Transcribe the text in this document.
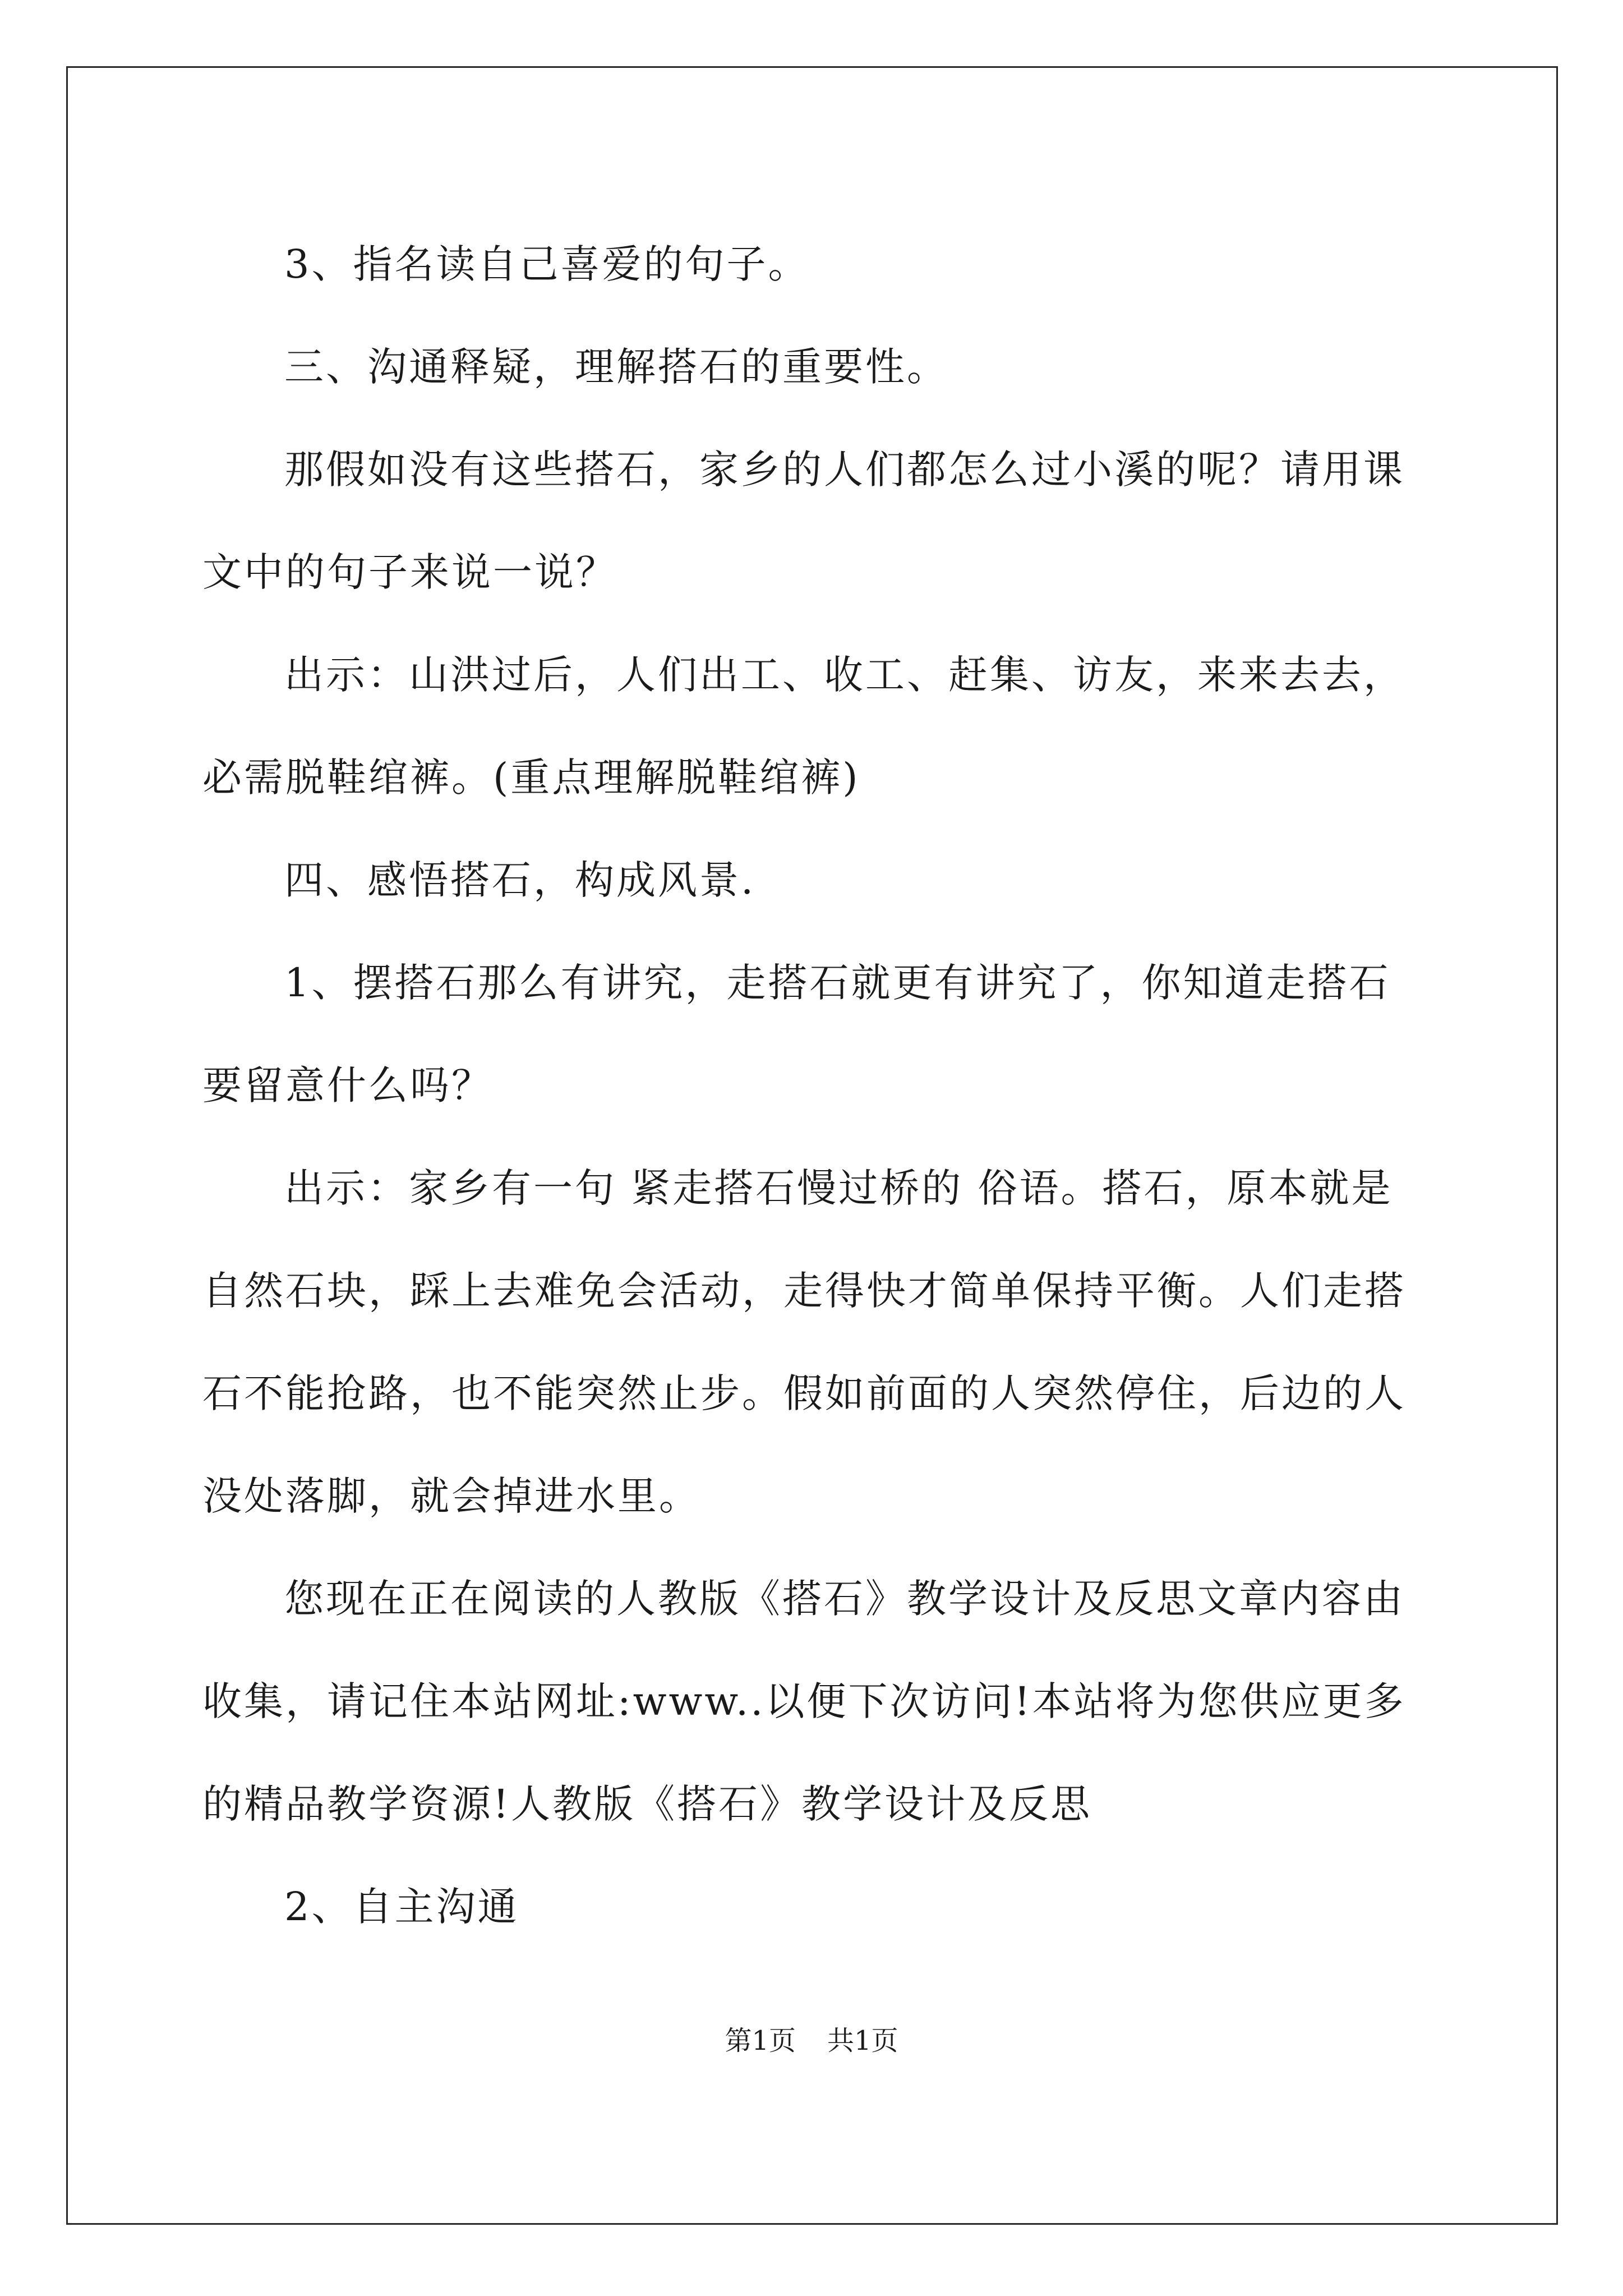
3、指名读自己喜爱的句子。

三、沟通释疑，理解搭石的重要性。

那假如没有这些搭石，家乡的人们都怎么过小溪的呢？请用课文中的句子来说一说？

出示：山洪过后，人们出工、收工、赶集、访友，来来去去，必需脱鞋绾裤。(重点理解脱鞋绾裤)

四、感悟搭石，构成风景.

1、摆搭石那么有讲究，走搭石就更有讲究了，你知道走搭石要留意什么吗？

出示：家乡有一句 紧走搭石慢过桥的 俗语。搭石，原本就是自然石块，踩上去难免会活动，走得快才简单保持平衡。人们走搭石不能抢路，也不能突然止步。假如前面的人突然停住，后边的人没处落脚，就会掉进水里。

您现在正在阅读的人教版《搭石》教学设计及反思文章内容由收集，请记住本站网址:www..以便下次访问!本站将为您供应更多的精品教学资源!人教版《搭石》教学设计及反思

2、自主沟通

第1页 共1页
